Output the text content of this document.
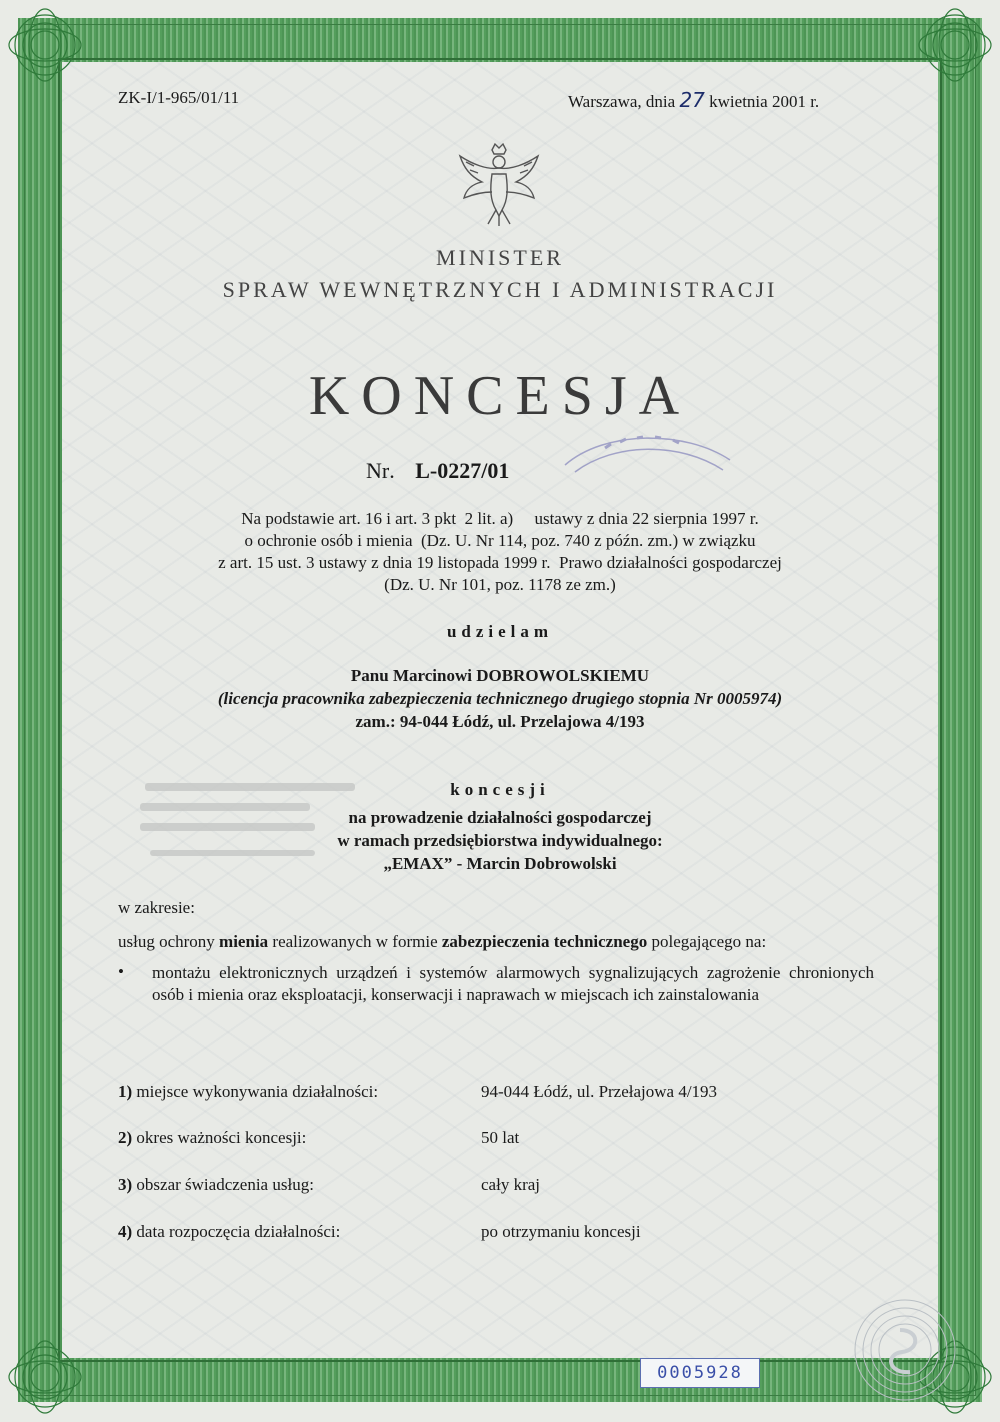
ZK-I/1-965/01/11	Warszawa, dnia 27 kwietnia 2001 r.
MINISTER
SPRAW WEWNĘTRZNYCH I ADMINISTRACJI
KONCESJA
Nr. L-0227/01
Na podstawie art. 16 i art. 3 pkt  2 lit. a)     ustawy z dnia 22 sierpnia 1997 r.
o ochronie osób i mienia  (Dz. U. Nr 114, poz. 740 z późn. zm.) w związku
z art. 15 ust. 3 ustawy z dnia 19 listopada 1999 r.  Prawo działalności gospodarczej
(Dz. U. Nr 101, poz. 1178 ze zm.)
udzielam
Panu Marcinowi DOBROWOLSKIEMU
(licencja pracownika zabezpieczenia technicznego drugiego stopnia Nr 0005974)
zam.: 94-044 Łódź, ul. Przelajowa 4/193
koncesji
na prowadzenie działalności gospodarczej
w ramach przedsiębiorstwa indywidualnego:
„EMAX” - Marcin Dobrowolski
w zakresie:
usług ochrony mienia realizowanych w formie zabezpieczenia technicznego polegającego na:
• montażu elektronicznych urządzeń i systemów alarmowych sygnalizujących zagrożenie chronionych osób i mienia oraz eksploatacji, konserwacji i naprawach w miejscach ich zainstalowania
1) miejsce wykonywania działalności:	94-044 Łódź, ul. Przełajowa 4/193
2) okres ważności koncesji:	50 lat
3) obszar świadczenia usług:	cały kraj
4) data rozpoczęcia działalności:	po otrzymaniu koncesji
0005928
